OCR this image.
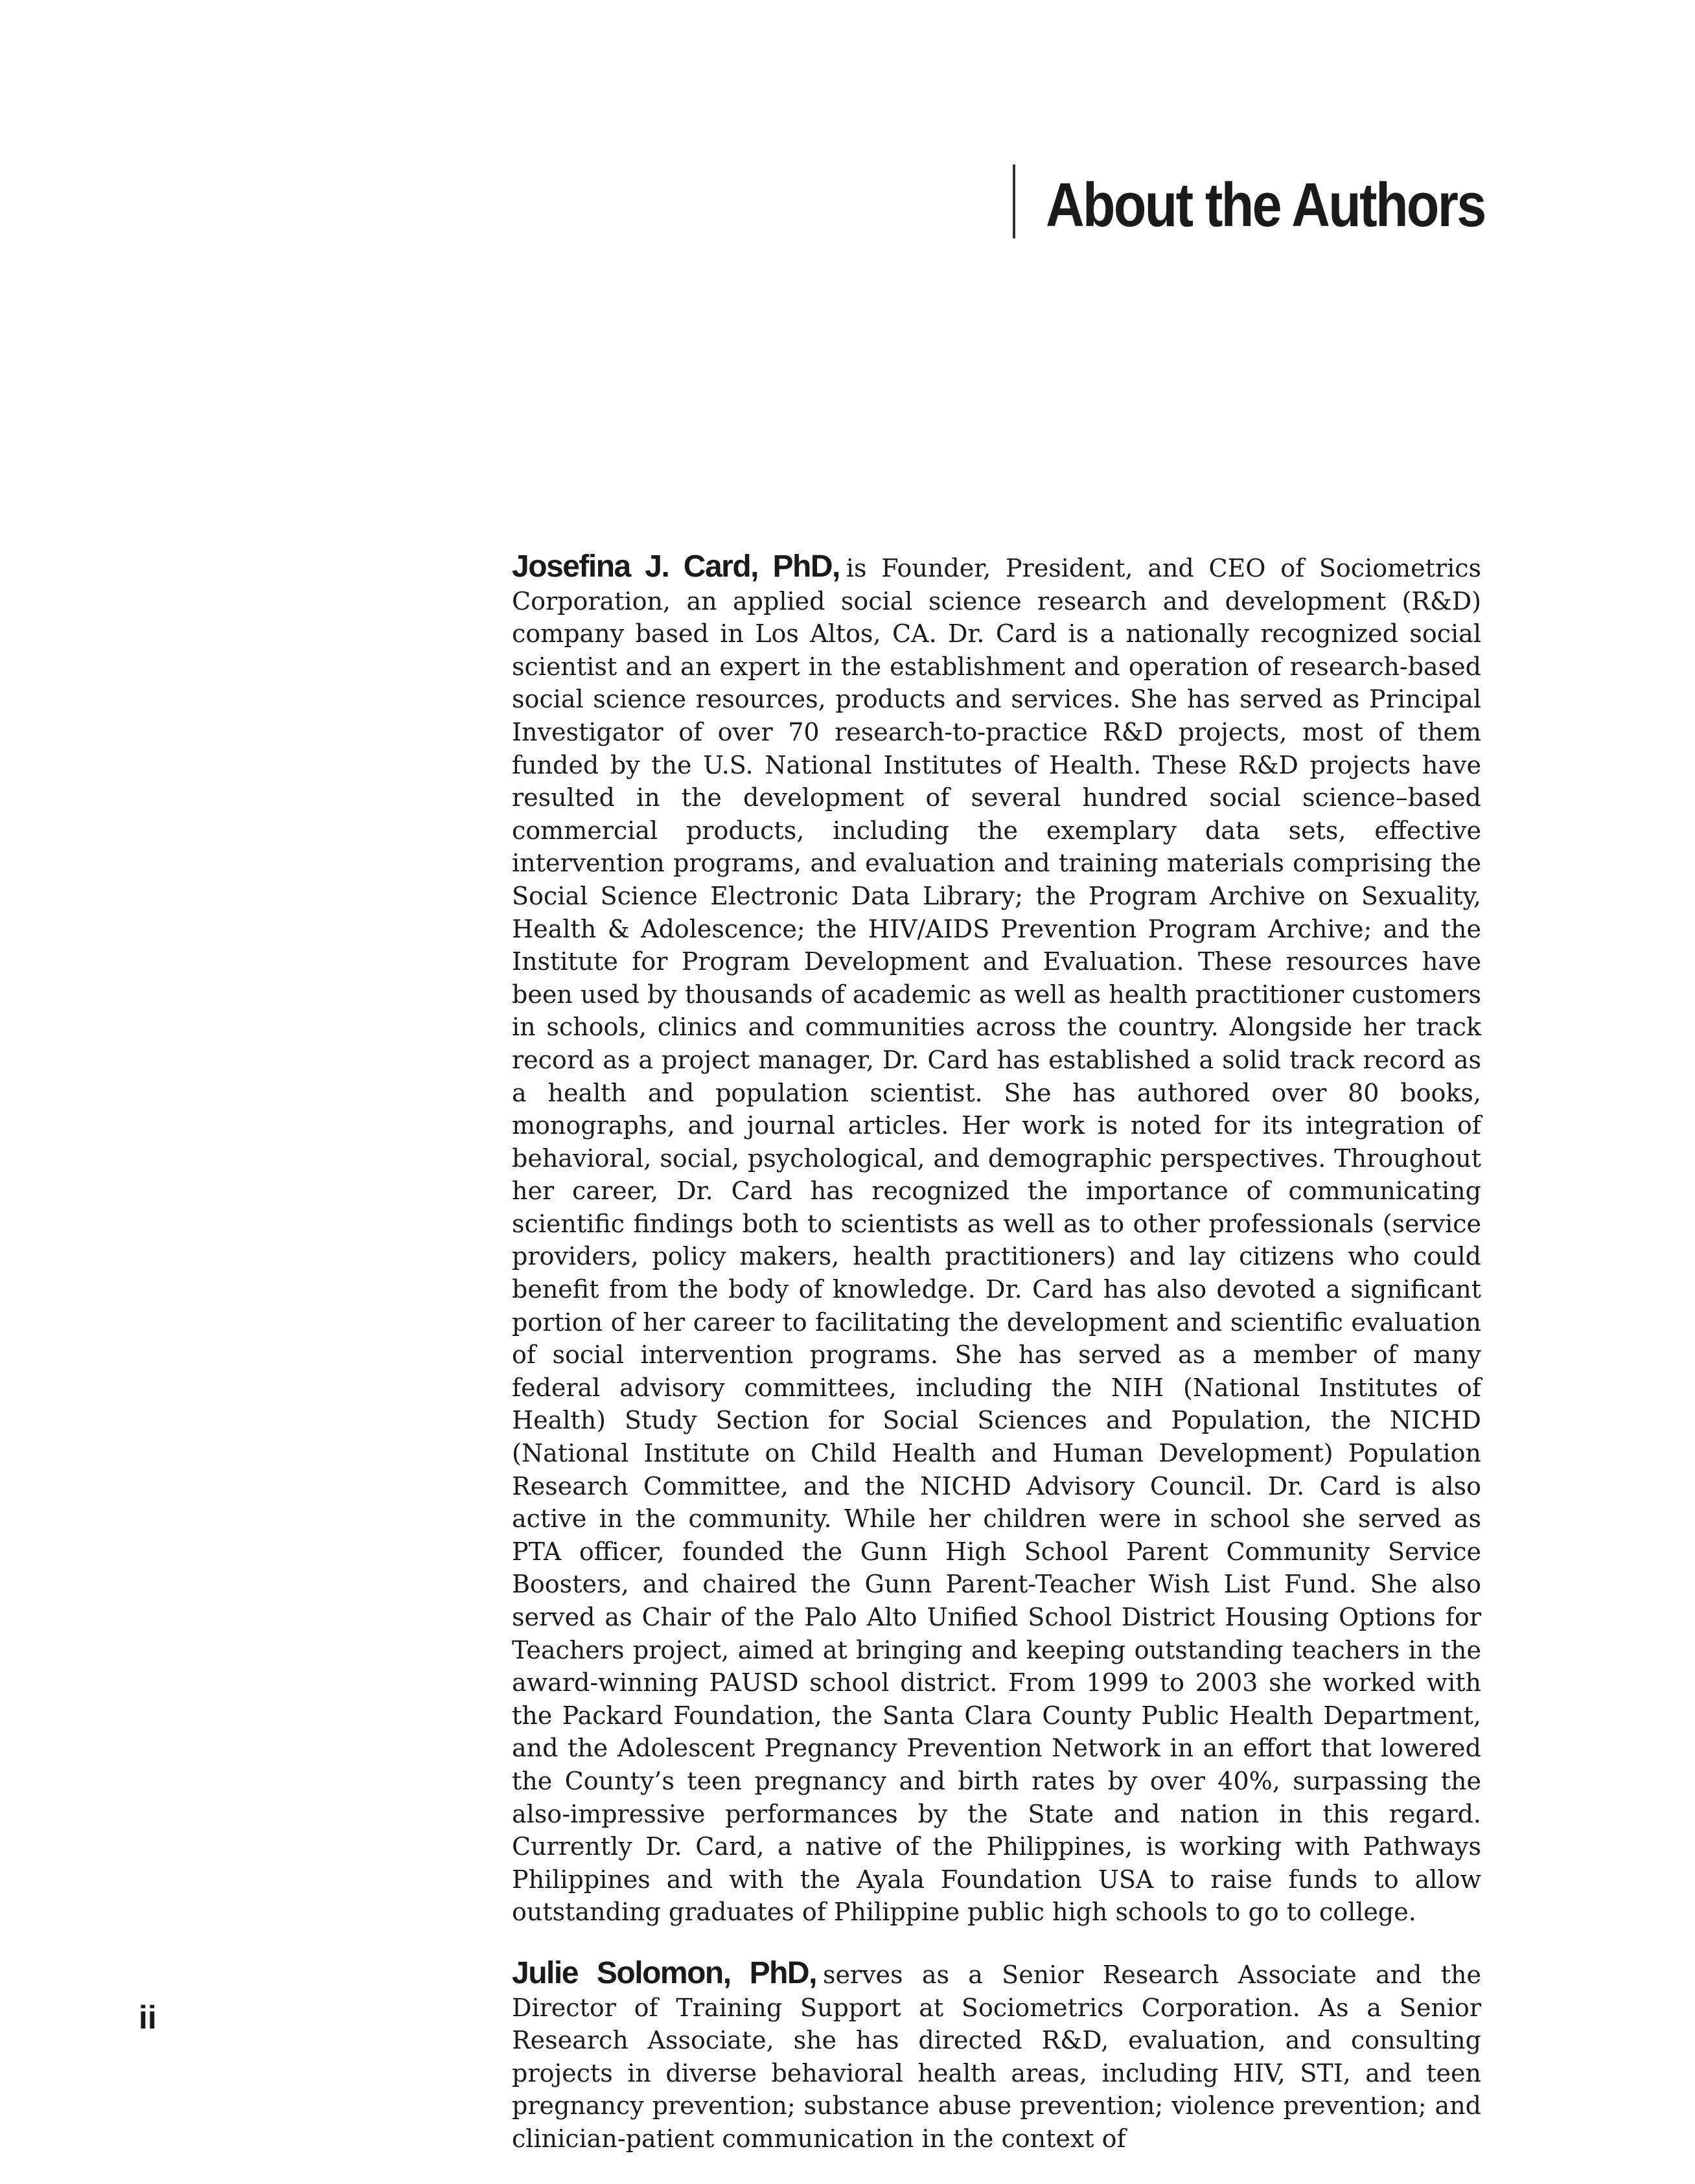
About the Authors

Josefina J. Card, PhD, is Founder, President, and CEO of Sociometrics Corporation, an applied social science research and development (R&D) company based in Los Altos, CA. Dr. Card is a nationally recognized social scientist and an expert in the establishment and operation of research-based social science resources, products and services. She has served as Principal Investigator of over 70 research-to-practice R&D projects, most of them funded by the U.S. National Institutes of Health. These R&D projects have resulted in the development of several hundred social science–based commercial products, including the exemplary data sets, effective intervention programs, and evaluation and training materials comprising the Social Science Electronic Data Library; the Program Archive on Sexuality, Health & Adolescence; the HIV/AIDS Prevention Program Archive; and the Institute for Program Development and Evaluation. These resources have been used by thousands of academic as well as health practitioner customers in schools, clinics and communities across the country. Alongside her track record as a project manager, Dr. Card has established a solid track record as a health and population scientist. She has authored over 80 books, monographs, and journal articles. Her work is noted for its integration of behavioral, social, psychological, and demographic perspectives. Throughout her career, Dr. Card has recognized the importance of communicating scientific findings both to scientists as well as to other professionals (service providers, policy makers, health practitioners) and lay citizens who could benefit from the body of knowledge. Dr. Card has also devoted a significant portion of her career to facilitating the development and scientific evaluation of social intervention programs. She has served as a member of many federal advisory committees, including the NIH (National Institutes of Health) Study Section for Social Sciences and Population, the NICHD (National Institute on Child Health and Human Development) Population Research Committee, and the NICHD Advisory Council. Dr. Card is also active in the community. While her children were in school she served as PTA officer, founded the Gunn High School Parent Community Service Boosters, and chaired the Gunn Parent-Teacher Wish List Fund. She also served as Chair of the Palo Alto Unified School District Housing Options for Teachers project, aimed at bringing and keeping outstanding teachers in the award-winning PAUSD school district. From 1999 to 2003 she worked with the Packard Foundation, the Santa Clara County Public Health Department, and the Adolescent Pregnancy Prevention Network in an effort that lowered the County’s teen pregnancy and birth rates by over 40%, surpassing the also-impressive performances by the State and nation in this regard. Currently Dr. Card, a native of the Philippines, is working with Pathways Philippines and with the Ayala Foundation USA to raise funds to allow outstanding graduates of Philippine public high schools to go to college.

Julie Solomon, PhD, serves as a Senior Research Associate and the Director of Training Support at Sociometrics Corporation. As a Senior Research Associate, she has directed R&D, evaluation, and consulting projects in diverse behavioral health areas, including HIV, STI, and teen pregnancy prevention; substance abuse prevention; violence prevention; and clinician-patient communication in the context of

ii
